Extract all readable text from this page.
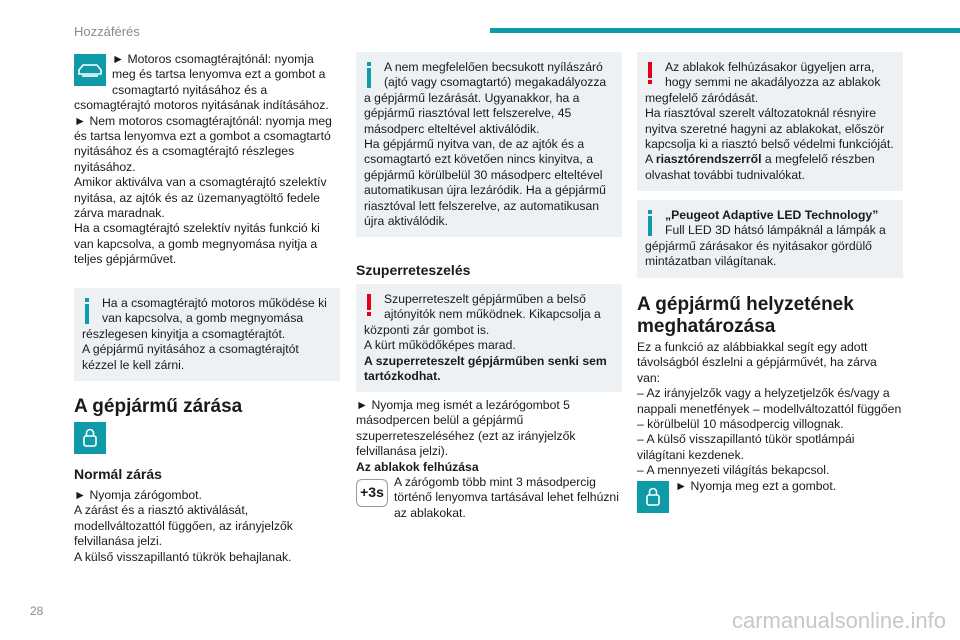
Hozzáférés

► Motoros csomagtérajtónál: nyomja meg és tartsa lenyomva ezt a gombot a csomagtartó nyitásához és a csomagtérajtó motoros nyitásának indításához.

► Nem motoros csomagtérajtónál: nyomja meg és tartsa lenyomva ezt a gombot a csomagtartó nyitásához és a csomagtérajtó részleges nyitásához.

Amikor aktiválva van a csomagtérajtó szelektív nyitása, az ajtók és az üzemanyagtöltő fedele zárva maradnak.

Ha a csomagtérajtó szelektív nyitás funkció ki van kapcsolva, a gomb megnyomása nyitja a teljes gépjárművet.

Ha a csomagtérajtó motoros működése ki van kapcsolva, a gomb megnyomása részlegesen kinyitja a csomagtérajtót.

A gépjármű nyitásához a csomagtérajtót kézzel le kell zárni.

A gépjármű zárása
Normál zárás

► Nyomja zárógombot.

A zárást és a riasztó aktiválását, modellváltozattól függően, az irányjelzők felvillanása jelzi.

A külső visszapillantó tükrök behajlanak.

A nem megfelelően becsukott nyílászáró (ajtó vagy csomagtartó) megakadályozza a gépjármű lezárását. Ugyanakkor, ha a gépjármű riasztóval lett felszerelve, 45 másodperc elteltével aktiválódik.

Ha gépjármű nyitva van, de az ajtók és a csomagtartó ezt követően nincs kinyitva, a gépjármű körülbelül 30 másodperc elteltével automatikusan újra lezáródik. Ha a gépjármű riasztóval lett felszerelve, az automatikusan újra aktiválódik.

Szuperreteszelés

Szuperreteszelt gépjárműben a belső ajtónyitók nem működnek. Kikapcsolja a központi zár gombot is.

A kürt működőképes marad.

A szuperreteszelt gépjárműben senki sem tartózkodhat.

► Nyomja meg ismét a lezárógombot 5 másodpercen belül a gépjármű szuperreteszeléséhez (ezt az irányjelzők felvillanása jelzi).

Az ablakok felhúzása

+3s

A zárógomb több mint 3 másodpercig történő lenyomva tartásával lehet felhúzni az ablakokat.

Az ablakok felhúzásakor ügyeljen arra, hogy semmi ne akadályozza az ablakok megfelelő záródását.

Ha riasztóval szerelt változatoknál résnyire nyitva szeretné hagyni az ablakokat, először kapcsolja ki a riasztó belső védelmi funkcióját.

A riasztórendszerről a megfelelő részben olvashat további tudnivalókat.

„Peugeot Adaptive LED Technology”

Full LED 3D hátsó lámpáknál a lámpák a gépjármű zárásakor és nyitásakor gördülő mintázatban világítanak.

A gépjármű helyzetének meghatározása

Ez a funkció az alábbiakkal segít egy adott távolságból észlelni a gépjárművét, ha zárva van:

– Az irányjelzők vagy a helyzetjelzők és/vagy a nappali menetfények – modellváltozattól függően – körülbelül 10 másodpercig villognak.

– A külső visszapillantó tükör spotlámpái világítani kezdenek.

– A mennyezeti világítás bekapcsol.

► Nyomja meg ezt a gombot.

28	carmanualsonline.info
